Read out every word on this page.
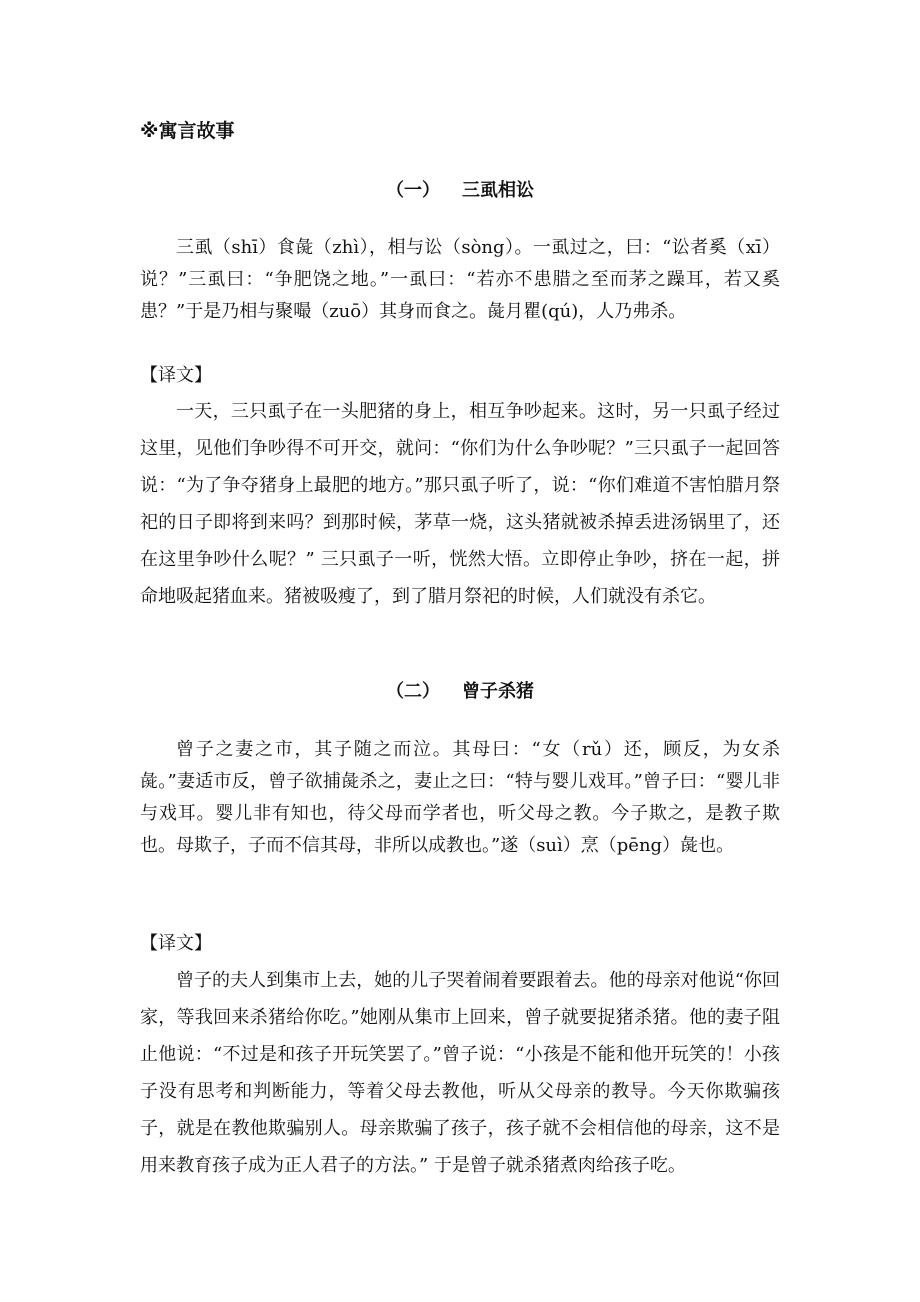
※寓言故事
（一） 三虱相讼

三虱（shī）食彘（zhì），相与讼（sòng）。一虱过之，曰：“讼者奚（xī）说？”三虱曰：“争肥饶之地。”一虱曰：“若亦不患腊之至而茅之躁耳，若又奚患？”于是乃相与聚嘬（zuō）其身而食之。彘月瞿(qú)，人乃弗杀。

【译文】

一天，三只虱子在一头肥猪的身上，相互争吵起来。这时，另一只虱子经过这里，见他们争吵得不可开交，就问：“你们为什么争吵呢？”三只虱子一起回答说：“为了争夺猪身上最肥的地方。”那只虱子听了，说：“你们难道不害怕腊月祭祀的日子即将到来吗？到那时候，茅草一烧，这头猪就被杀掉丢进汤锅里了，还在这里争吵什么呢？” 三只虱子一听，恍然大悟。立即停止争吵，挤在一起，拼命地吸起猪血来。猪被吸瘦了，到了腊月祭祀的时候，人们就没有杀它。

（二） 曾子杀猪

曾子之妻之市，其子随之而泣。其母曰：“女（rǔ）还，顾反，为女杀彘。”妻适市反，曾子欲捕彘杀之，妻止之曰：“特与婴儿戏耳。”曾子曰：“婴儿非与戏耳。婴儿非有知也，待父母而学者也，听父母之教。今子欺之，是教子欺也。母欺子，子而不信其母，非所以成教也。”遂（suì）烹（pēng）彘也。

【译文】

曾子的夫人到集市上去，她的儿子哭着闹着要跟着去。他的母亲对他说“你回家，等我回来杀猪给你吃。”她刚从集市上回来，曾子就要捉猪杀猪。他的妻子阻止他说：“不过是和孩子开玩笑罢了。”曾子说：“小孩是不能和他开玩笑的！小孩子没有思考和判断能力，等着父母去教他，听从父母亲的教导。今天你欺骗孩子，就是在教他欺骗别人。母亲欺骗了孩子，孩子就不会相信他的母亲，这不是用来教育孩子成为正人君子的方法。” 于是曾子就杀猪煮肉给孩子吃。
